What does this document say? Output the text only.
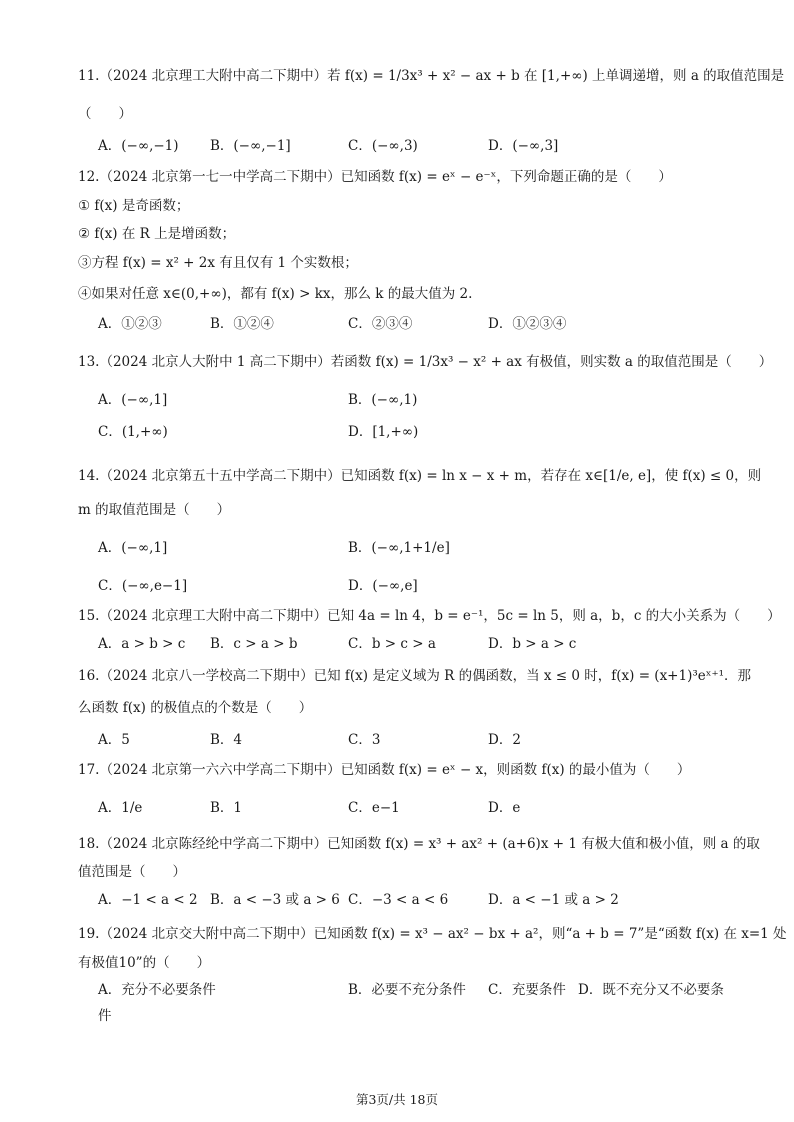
11.（2024 北京理工大附中高二下期中）若 f(x) = 1/3x³ + x² − ax + b 在 [1,+∞) 上单调递增，则 a 的取值范围是
（　　）
A．(−∞,−1) B．(−∞,−1]	C．(−∞,3)	D．(−∞,3]
12.（2024 北京第一七一中学高二下期中）已知函数 f(x) = eˣ − e⁻ˣ，下列命题正确的是（　　）
① f(x) 是奇函数；
② f(x) 在 R 上是增函数；
③方程 f(x) = x² + 2x 有且仅有 1 个实数根；
④如果对任意 x∈(0,+∞)，都有 f(x) > kx，那么 k 的最大值为 2.
A．①②③	B．①②④	C．②③④	D．①②③④
13.（2024 北京人大附中 1 高二下期中）若函数 f(x) = 1/3x³ − x² + ax 有极值，则实数 a 的取值范围是（　　）
A．(−∞,1]	B．(−∞,1)
C．(1,+∞)	D．[1,+∞)
14.（2024 北京第五十五中学高二下期中）已知函数 f(x) = ln x − x + m，若存在 x∈[1/e, e]，使 f(x) ≤ 0，则
m 的取值范围是（　　）
A．(−∞,1]	B．(−∞,1+1/e]
C．(−∞,e−1]	D．(−∞,e]
15.（2024 北京理工大附中高二下期中）已知 4a = ln 4，b = e⁻¹，5c = ln 5，则 a，b，c 的大小关系为（　　）
A．a > b > c B．c > a > b	C．b > c > a	D．b > a > c
16.（2024 北京八一学校高二下期中）已知 f(x) 是定义域为 R 的偶函数，当 x ≤ 0 时，f(x) = (x+1)³eˣ⁺¹．那
么函数 f(x) 的极值点的个数是（　　）
A．5	B．4	C．3	D．2
17.（2024 北京第一六六中学高二下期中）已知函数 f(x) = eˣ − x，则函数 f(x) 的最小值为（　　）
A．1/e	B．1	C．e−1	D．e
18.（2024 北京陈经纶中学高二下期中）已知函数 f(x) = x³ + ax² + (a+6)x + 1 有极大值和极小值，则 a 的取
值范围是（　　）
A．−1 < a < 2 B．a < −3 或 a > 6 C．−3 < a < 6	D．a < −1 或 a > 2
19.（2024 北京交大附中高二下期中）已知函数 f(x) = x³ − ax² − bx + a²，则“a + b = 7”是“函数 f(x) 在 x=1 处
有极值10”的（　　）
A．充分不必要条件	B．必要不充分条件 C．充要条件 D．既不充分又不必要条
件
第3页/共 18页
